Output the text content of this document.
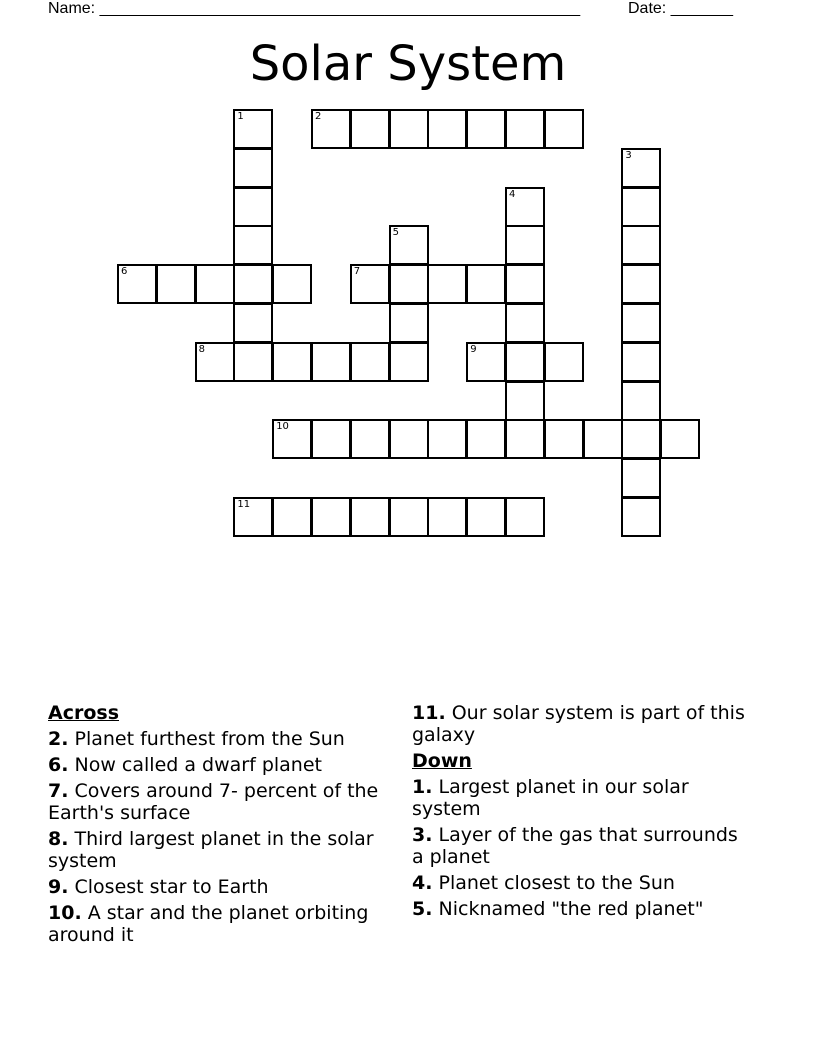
Name: ______________________________________________________	Date: _______
Solar System
2
6	7
8	9
10
11
1
3
4
5
Across
2. Planet furthest from the Sun
6. Now called a dwarf planet
7. Covers around 7- percent of the Earth's surface
8. Third largest planet in the solar system
9. Closest star to Earth
10. A star and the planet orbiting around it
11. Our solar system is part of this galaxy
Down
1. Largest planet in our solar system
3. Layer of the gas that surrounds a planet
4. Planet closest to the Sun
5. Nicknamed "the red planet"
